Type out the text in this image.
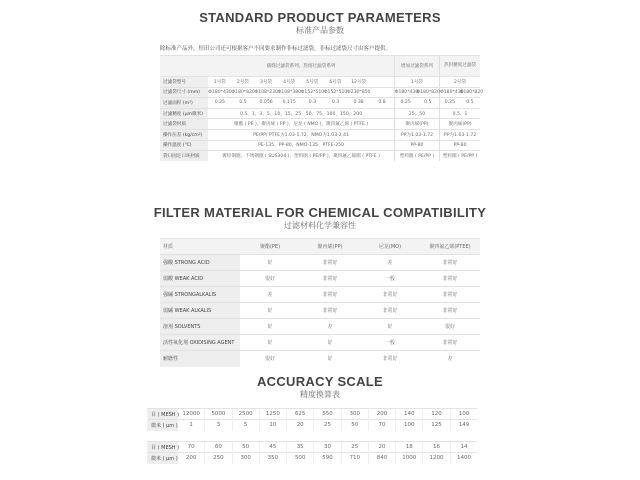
STANDARD PRODUCT PARAMETERS
标准产品参数
除标准产品外，恒田公司还可根据客户不同要求制作非标过滤袋，非标过滤袋尺寸由客户提供。
	插缝过滤袋系列、热熔过滤袋系列								增加过滤袋系列		热封精度过滤袋	
过滤袋型号	1号袋	2号袋	3号袋	4号袋	5号袋	6号袋	12号袋		1号袋		2号袋	
过滤袋尺寸 (mm)	Φ180*430	Φ180*820	Φ108*230	Φ108*380	Φ152*510	Φ152*510	Φ230*850		Φ180*430	Φ180*820	Φ180*430	Φ180*820
过滤面积 (m²)	0.25	0.5	0.056	0.115	0.3	0.3	0.38	0.8	0.25	0.5	0.25	0.5
过滤精度 (μm微米)	0.5、1、3、5、10、15、25、50、75、100、150、200								25、50		0.5、1	
过滤袋材质	聚酯 ( PE )、聚丙烯 ( PP )、尼龙 ( NMO )、聚四氟乙烯 ( PTFE )								聚丙烯(PP)		聚丙烯(PP)	
操作压差 (kg/cm²)	PE/PP/ PTFE为1.03-1.72、NMO为1.03-2.41								PP为1.03-1.72		PP为1.03-1.72	
操作温度 (℃)	PE-135、PP-80、NMO-135、PTFE-250								PP-80		PP-80	
袋口固定口环材质	镀锌钢圈、不锈钢圈 ( SUS304 )、塑料圈 ( PE/PP )、聚四氟乙烯圈 ( PTFE )								塑料圈 ( PE/PP )		塑料圈 ( PE/PP )	
FILTER MATERIAL FOR CHEMICAL COMPATIBILITY
过滤材料化学兼容性
材质	聚酯(PE)	聚丙烯(PP)	尼龙(MO)	聚四氟乙烯(PTEE)
强酸 STRONG ACID	好	非常好	差	非常好
弱酸 WEAK ACID	很好	非常好	一般	非常好
强碱 STRONGALKALIS	差	非常好	非常好	非常好
弱碱 WEAK ALKALIS	好	非常好	非常好	非常好
溶剂 SOLVENTS	好	差	好	很好
活性氧化剂 OXIDISING AGENT	好	好	一般	非常好
耐磨性	很好	好	非常好	差
ACCURACY SCALE
精度换算表
目 ( MESH )	12000	5000	2500	1250	625	550	300	200	140	120	100
微米 ( μm )	1	3	5	10	20	25	50	70	100	125	149
目 ( MESH )	70	60	50	45	35	30	25	20	18	16	14
微米 ( μm )	200	250	300	350	500	590	710	840	1000	1200	1400
